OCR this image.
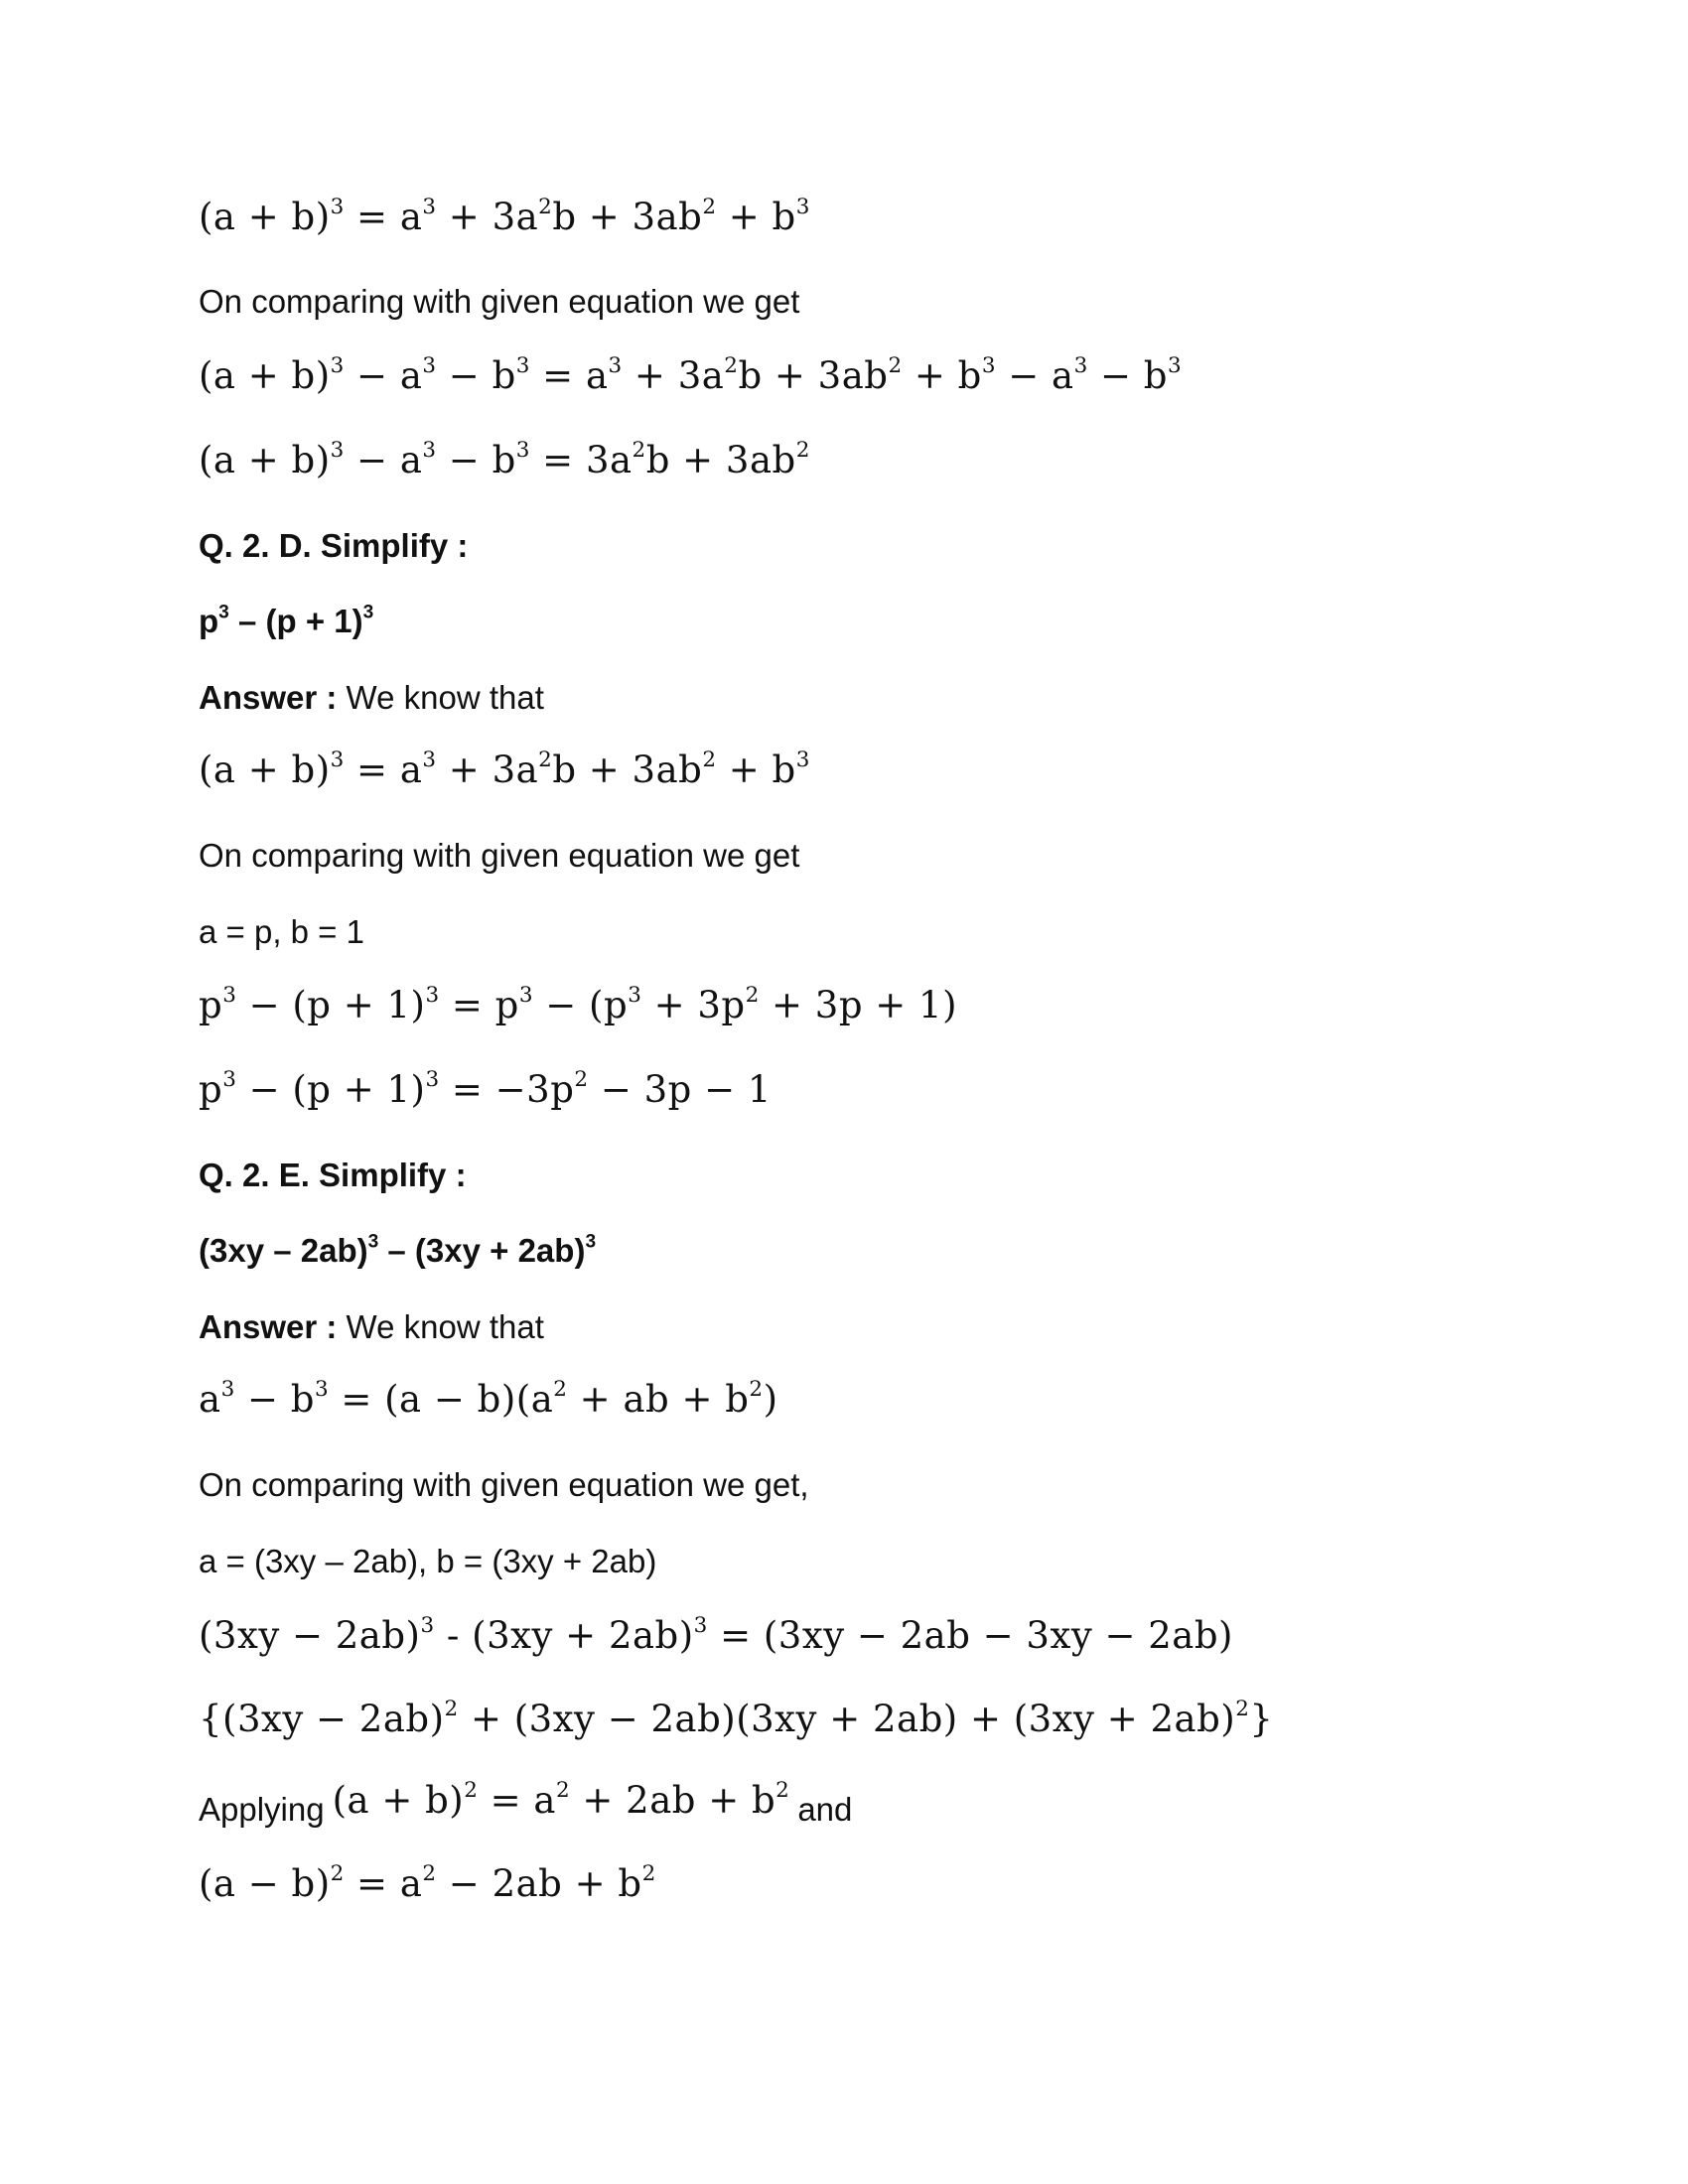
$(a + b)^3 = a^3 + 3a^2b + 3ab^2 + b^3$
On comparing with given equation we get
$(a + b)^3 - a^3 - b^3 = a^3 + 3a^2b + 3ab^2 + b^3 - a^3 - b^3$
$(a + b)^3 - a^3 - b^3 = 3a^2b + 3ab^2$
Q. 2. D. Simplify :
$p^3 - (p + 1)^3$
Answer : We know that
$(a + b)^3 = a^3 + 3a^2b + 3ab^2 + b^3$
On comparing with given equation we get
a = p, b = 1
$p^3 - (p + 1)^3 = p^3 - (p^3 + 3p^2 + 3p + 1)$
$p^3 - (p + 1)^3 = -3p^2 - 3p - 1$
Q. 2. E. Simplify :
$(3xy - 2ab)^3 - (3xy + 2ab)^3$
Answer : We know that
$a^3 - b^3 = (a - b)(a^2$ + ab + $b^2$)
On comparing with given equation we get,
a = (3xy – 2ab), b = (3xy + 2ab)
$(3xy - 2ab)^3 - (3xy + 2ab)^3 = (3xy - 2ab - 3xy - 2ab)$
$\{(3xy - 2ab)^2 + (3xy - 2ab)(3xy + 2ab) + (3xy + 2ab)^2\}$
Applying $(a + b)^2 = a^2 + 2ab + b^2and$
$(a - b)^2 = a^2 - 2ab + b^2$
